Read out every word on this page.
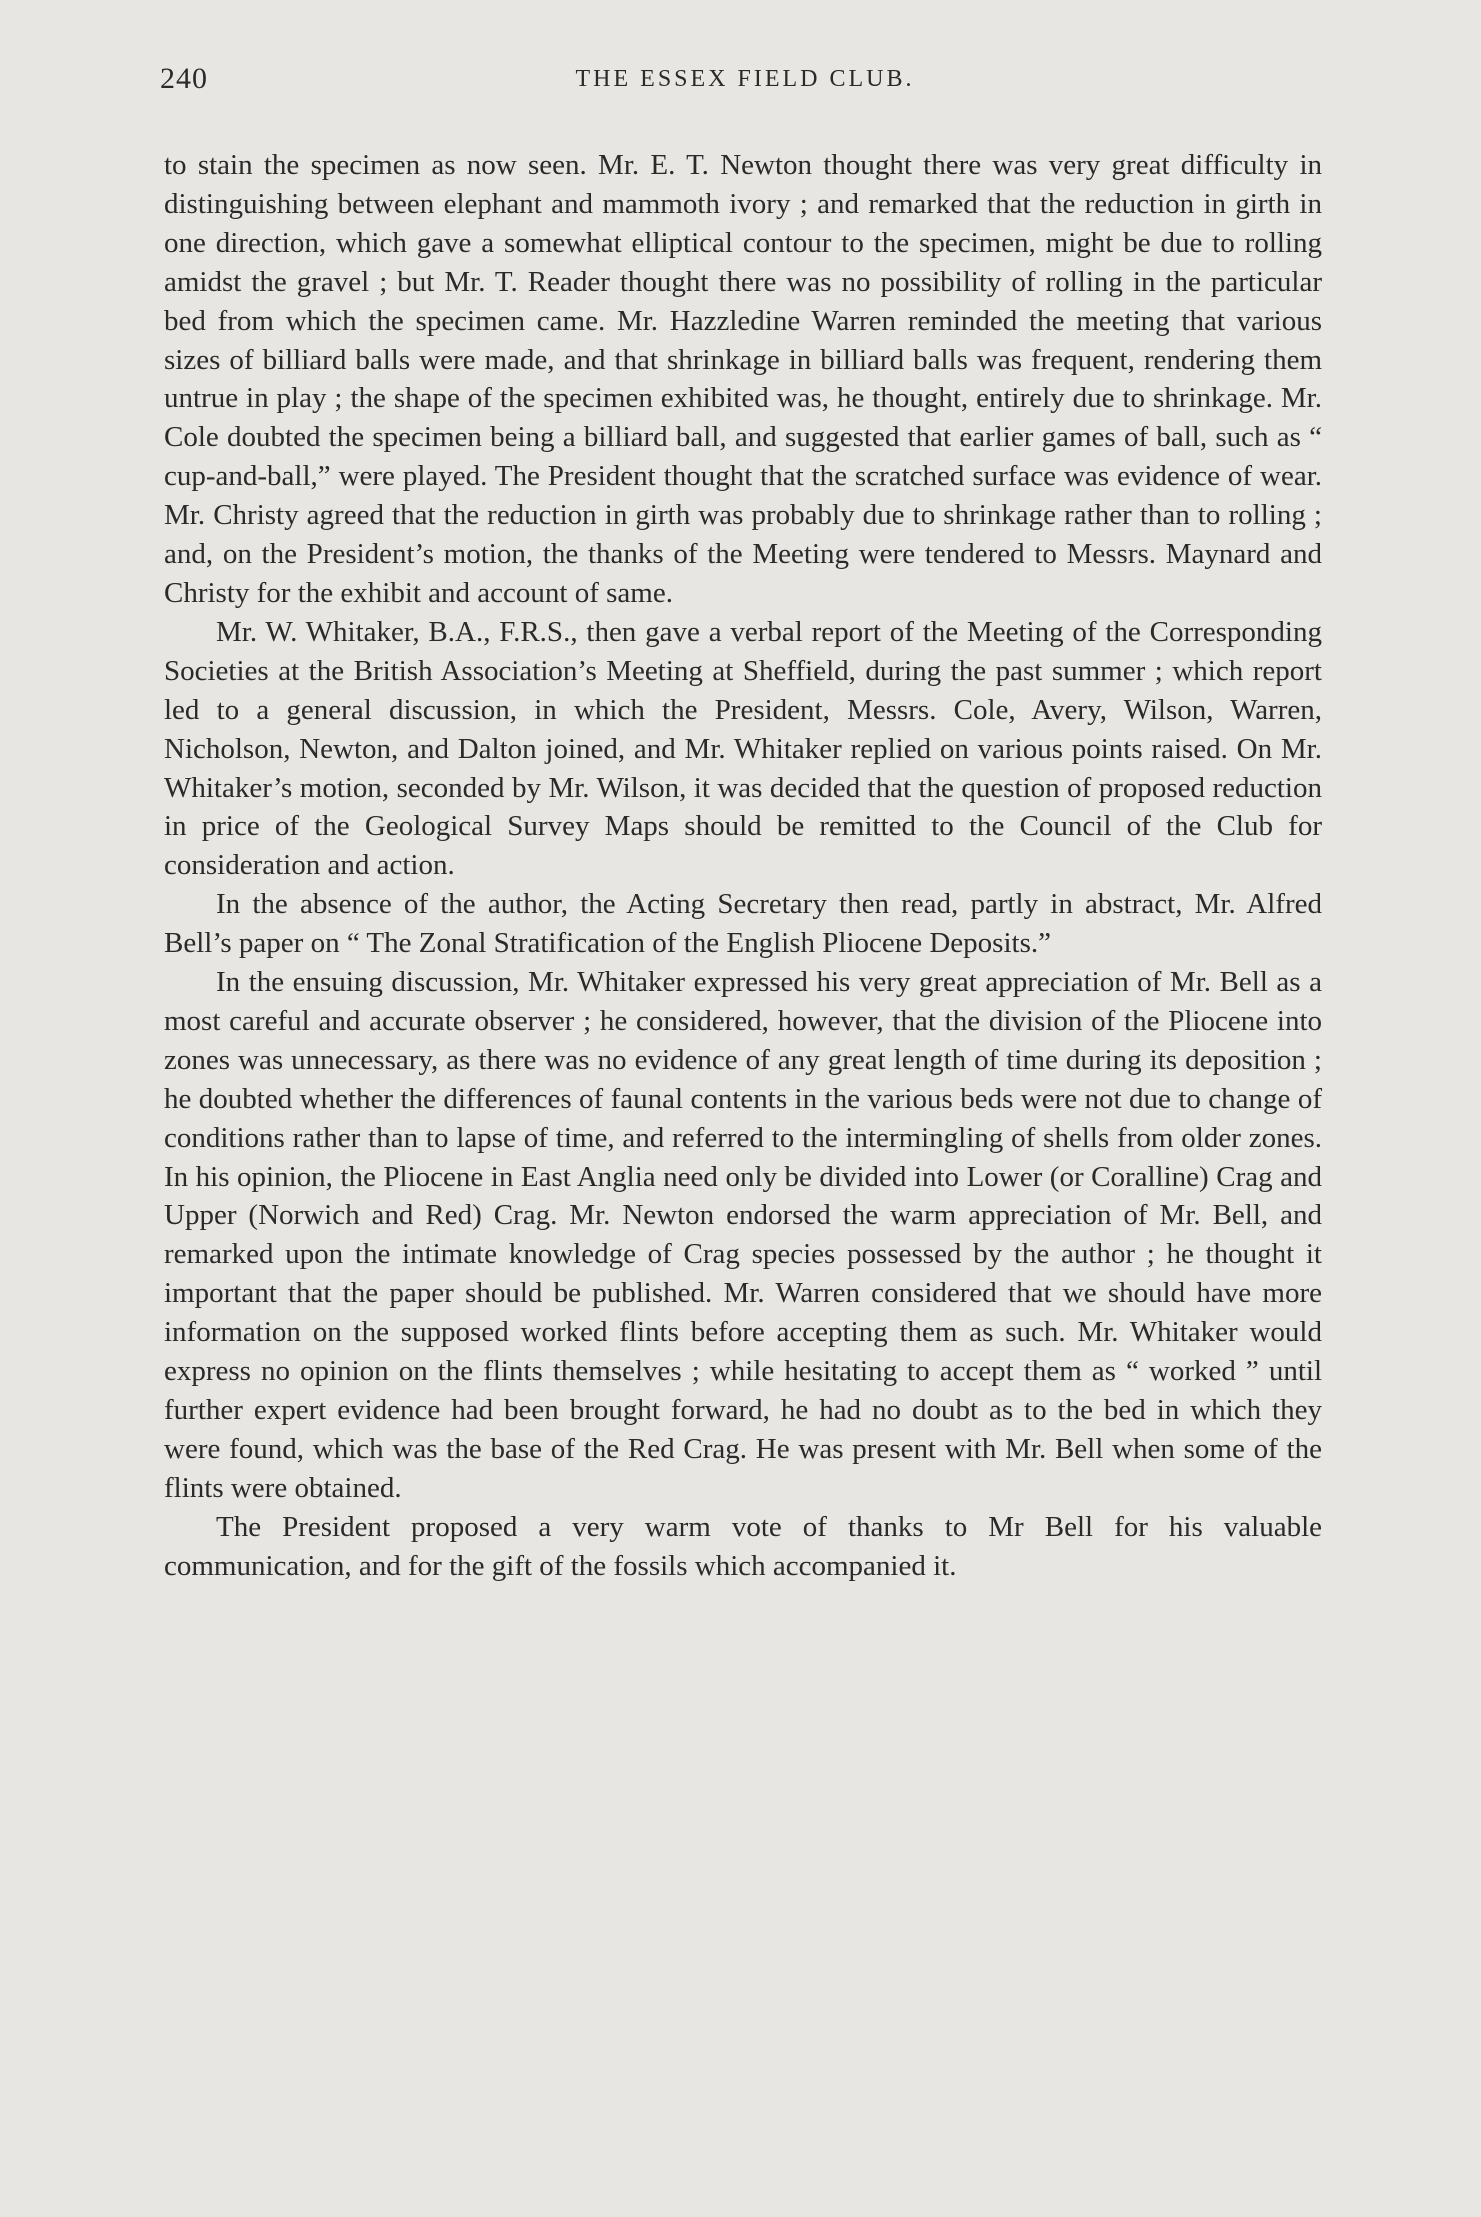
240	THE ESSEX FIELD CLUB.

to stain the specimen as now seen. Mr. E. T. Newton thought there was very great difficulty in distinguishing between elephant and mammoth ivory ; and remarked that the reduction in girth in one direction, which gave a somewhat elliptical contour to the specimen, might be due to rolling amidst the gravel ; but Mr. T. Reader thought there was no possibility of rolling in the particular bed from which the specimen came. Mr. Hazzledine Warren reminded the meeting that various sizes of billiard balls were made, and that shrinkage in billiard balls was frequent, rendering them untrue in play ; the shape of the specimen exhibited was, he thought, entirely due to shrinkage. Mr. Cole doubted the specimen being a billiard ball, and suggested that earlier games of ball, such as “ cup-and-ball,” were played. The President thought that the scratched surface was evidence of wear. Mr. Christy agreed that the reduction in girth was probably due to shrinkage rather than to rolling ; and, on the President’s motion, the thanks of the Meeting were tendered to Messrs. Maynard and Christy for the exhibit and account of same.

Mr. W. Whitaker, B.A., F.R.S., then gave a verbal report of the Meeting of the Corresponding Societies at the British Association’s Meeting at Sheffield, during the past summer ; which report led to a general discussion, in which the President, Messrs. Cole, Avery, Wilson, Warren, Nicholson, Newton, and Dalton joined, and Mr. Whitaker replied on various points raised. On Mr. Whitaker’s motion, seconded by Mr. Wilson, it was decided that the question of proposed reduction in price of the Geological Survey Maps should be remitted to the Council of the Club for consideration and action.

In the absence of the author, the Acting Secretary then read, partly in abstract, Mr. Alfred Bell’s paper on “ The Zonal Stratification of the English Pliocene Deposits.”

In the ensuing discussion, Mr. Whitaker expressed his very great appreciation of Mr. Bell as a most careful and accurate observer ; he considered, however, that the division of the Pliocene into zones was unnecessary, as there was no evidence of any great length of time during its deposition ; he doubted whether the differences of faunal contents in the various beds were not due to change of conditions rather than to lapse of time, and referred to the intermingling of shells from older zones. In his opinion, the Pliocene in East Anglia need only be divided into Lower (or Coralline) Crag and Upper (Norwich and Red) Crag. Mr. Newton endorsed the warm appreciation of Mr. Bell, and remarked upon the intimate knowledge of Crag species possessed by the author ; he thought it important that the paper should be published. Mr. Warren considered that we should have more information on the supposed worked flints before accepting them as such. Mr. Whitaker would express no opinion on the flints themselves ; while hesitating to accept them as “ worked ” until further expert evidence had been brought forward, he had no doubt as to the bed in which they were found, which was the base of the Red Crag. He was present with Mr. Bell when some of the flints were obtained.

The President proposed a very warm vote of thanks to Mr Bell for his valuable communication, and for the gift of the fossils which accompanied it.
